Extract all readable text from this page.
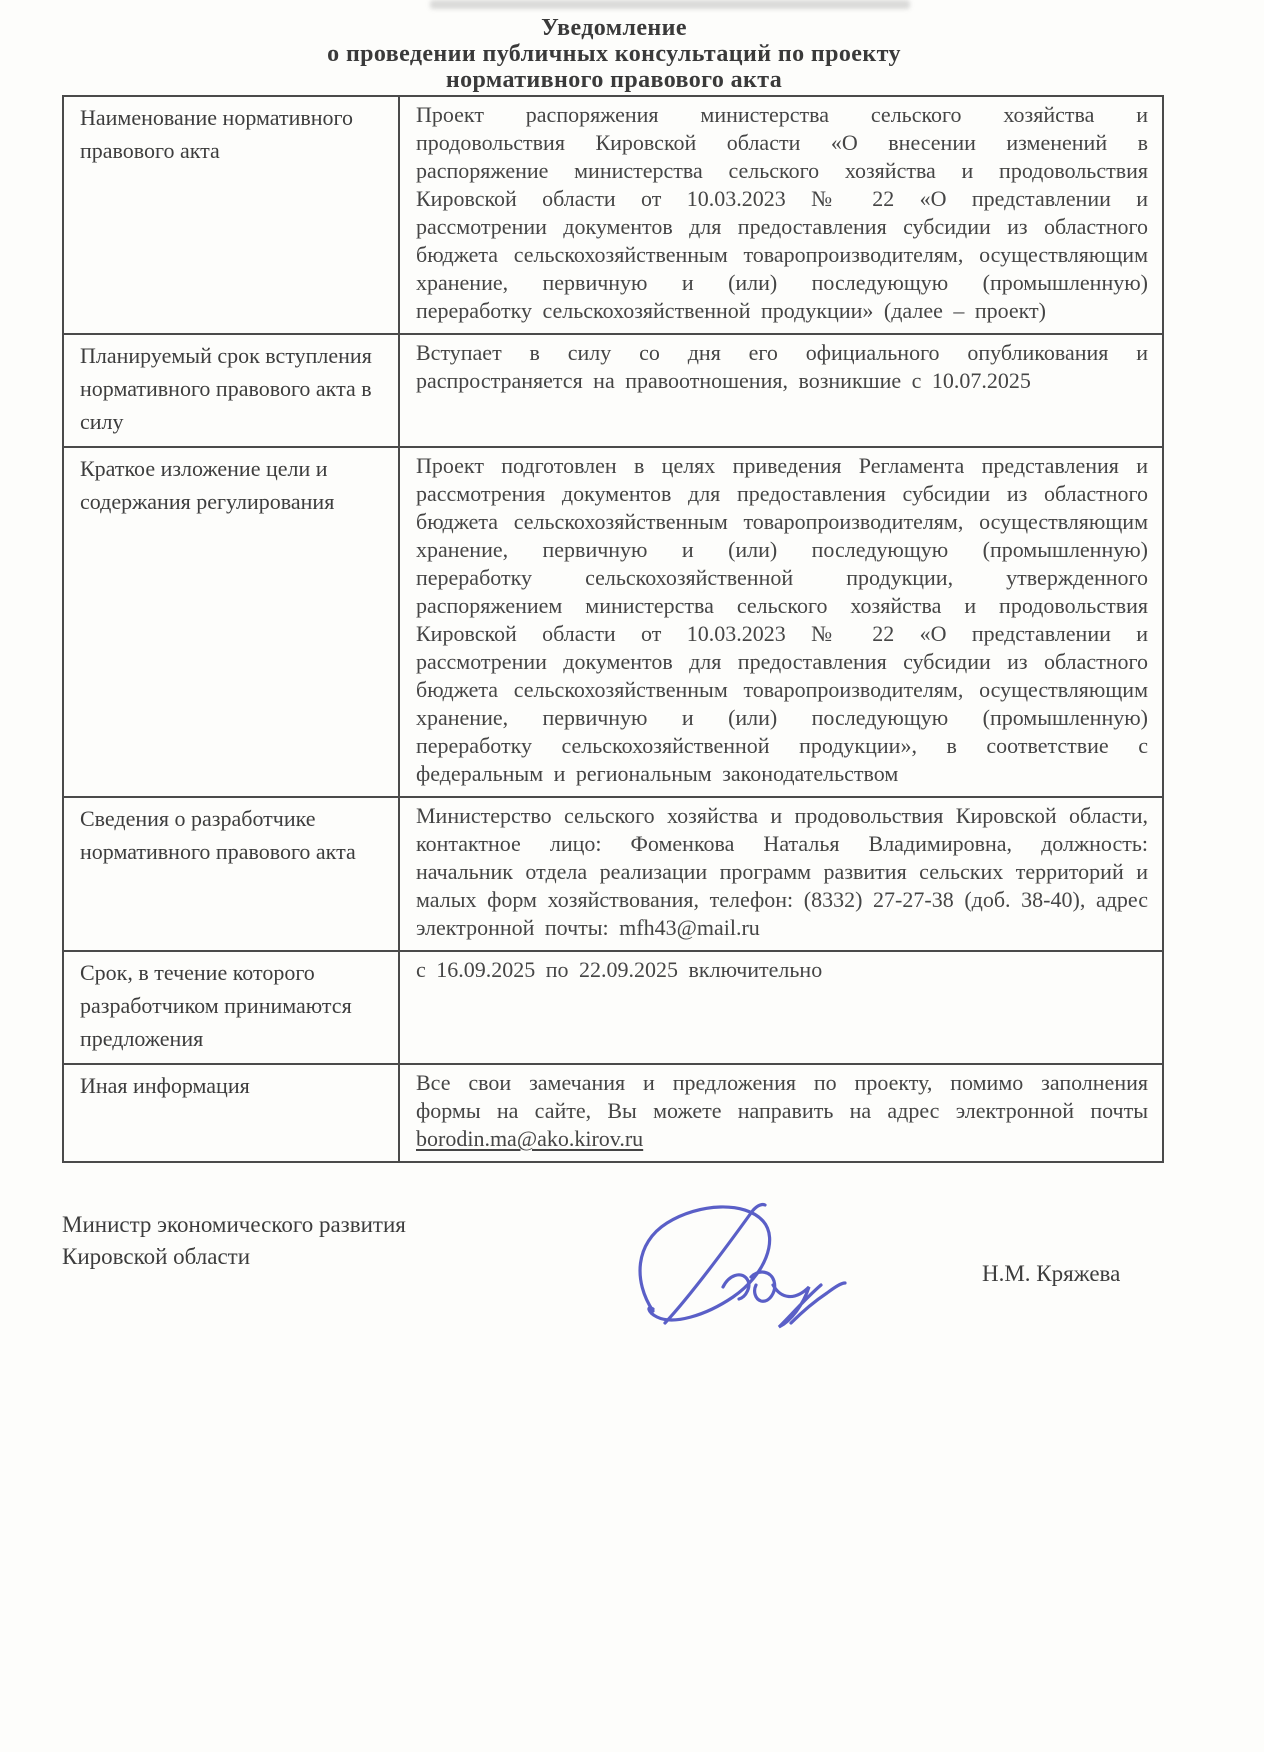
Уведомление
о проведении публичных консультаций по проекту
нормативного правового акта
Наименование нормативного правового акта	Проект распоряжения министерства сельского хозяйства и продовольствия Кировской области «О внесении изменений в распоряжение министерства сельского хозяйства и продовольствия Кировской области от 10.03.2023 № 22 «О представлении и рассмотрении документов для предоставления субсидии из областного бюджета сельскохозяйственным товаропроизводителям, осуществляющим хранение, первичную и (или) последующую (промышленную) переработку сельскохозяйственной продукции» (далее – проект)
Планируемый срок вступления нормативного правового акта в силу	Вступает в силу со дня его официального опубликования и распространяется на правоотношения, возникшие с 10.07.2025
Краткое изложение цели и содержания регулирования	Проект подготовлен в целях приведения Регламента представления и рассмотрения документов для предоставления субсидии из областного бюджета сельскохозяйственным товаропроизводителям, осуществляющим хранение, первичную и (или) последующую (промышленную) переработку сельскохозяйственной продукции, утвержденного распоряжением министерства сельского хозяйства и продовольствия Кировской области от 10.03.2023 № 22 «О представлении и рассмотрении документов для предоставления субсидии из областного бюджета сельскохозяйственным товаропроизводителям, осуществляющим хранение, первичную и (или) последующую (промышленную) переработку сельскохозяйственной продукции», в соответствие с федеральным и региональным законодательством
Сведения о разработчике нормативного правового акта	Министерство сельского хозяйства и продовольствия Кировской области, контактное лицо: Фоменкова Наталья Владимировна, должность: начальник отдела реализации программ развития сельских территорий и малых форм хозяйствования, телефон: (8332) 27-27-38 (доб. 38-40), адрес электронной почты: mfh43@mail.ru
Срок, в течение которого разработчиком принимаются предложения	с 16.09.2025 по 22.09.2025 включительно
Иная информация	Все свои замечания и предложения по проекту, помимо заполнения формы на сайте, Вы можете направить на адрес электронной почты borodin.ma@ako.kirov.ru
Министр экономического развития
Кировской области
Н.М. Кряжева
